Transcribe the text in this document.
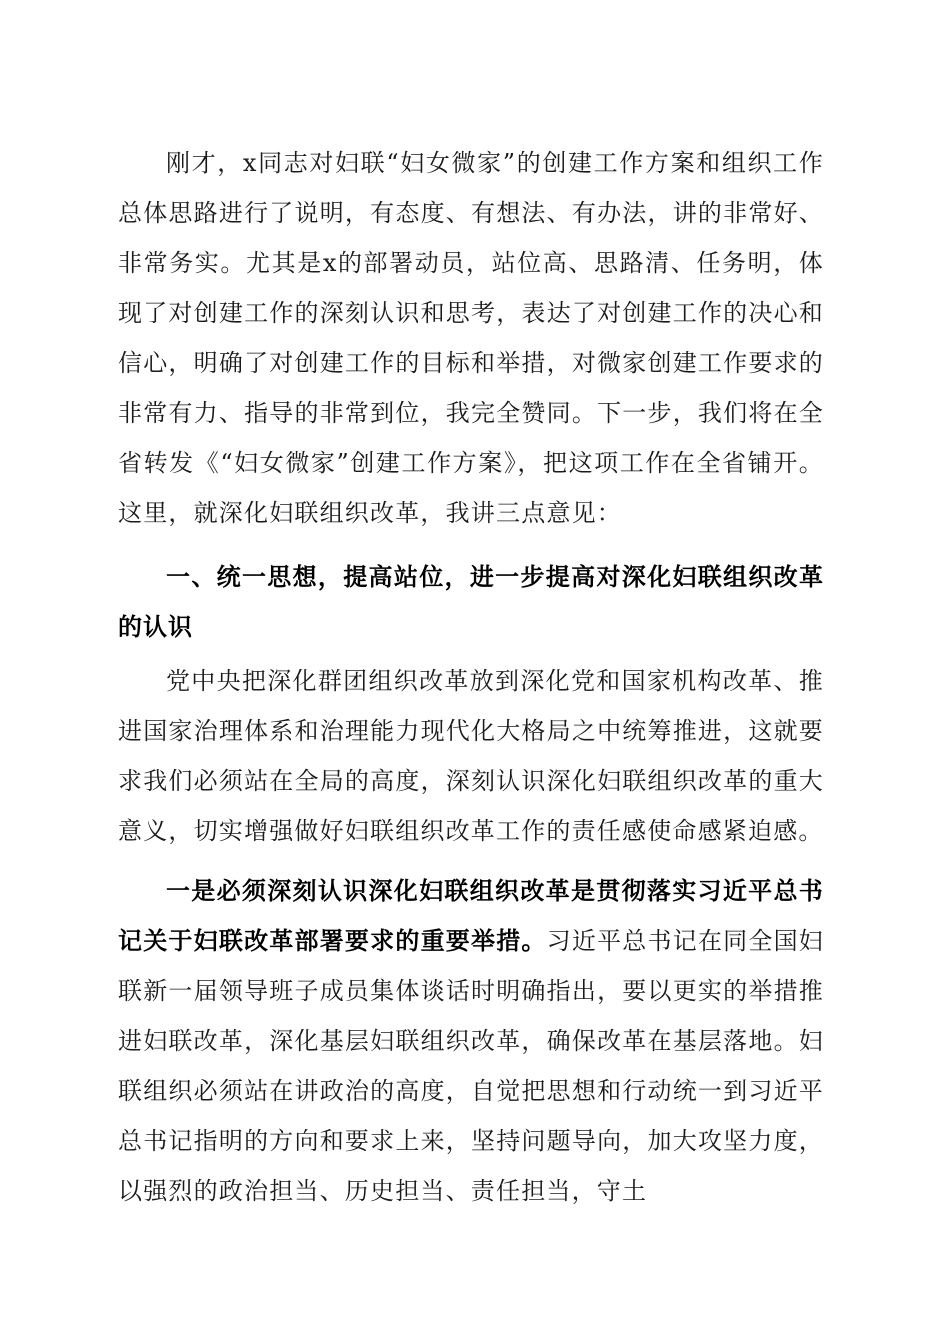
刚才，x同志对妇联“妇女微家”的创建工作方案和组织工作总体思路进行了说明，有态度、有想法、有办法，讲的非常好、非常务实。尤其是x的部署动员，站位高、思路清、任务明，体现了对创建工作的深刻认识和思考，表达了对创建工作的决心和信心，明确了对创建工作的目标和举措，对微家创建工作要求的非常有力、指导的非常到位，我完全赞同。下一步，我们将在全省转发《“妇女微家”创建工作方案》，把这项工作在全省铺开。这里，就深化妇联组织改革，我讲三点意见：

一、统一思想，提高站位，进一步提高对深化妇联组织改革的认识

党中央把深化群团组织改革放到深化党和国家机构改革、推进国家治理体系和治理能力现代化大格局之中统筹推进，这就要求我们必须站在全局的高度，深刻认识深化妇联组织改革的重大意义，切实增强做好妇联组织改革工作的责任感使命感紧迫感。

一是必须深刻认识深化妇联组织改革是贯彻落实习近平总书记关于妇联改革部署要求的重要举措。习近平总书记在同全国妇联新一届领导班子成员集体谈话时明确指出，要以更实的举措推进妇联改革，深化基层妇联组织改革，确保改革在基层落地。妇联组织必须站在讲政治的高度，自觉把思想和行动统一到习近平总书记指明的方向和要求上来，坚持问题导向，加大攻坚力度，以强烈的政治担当、历史担当、责任担当，守土
